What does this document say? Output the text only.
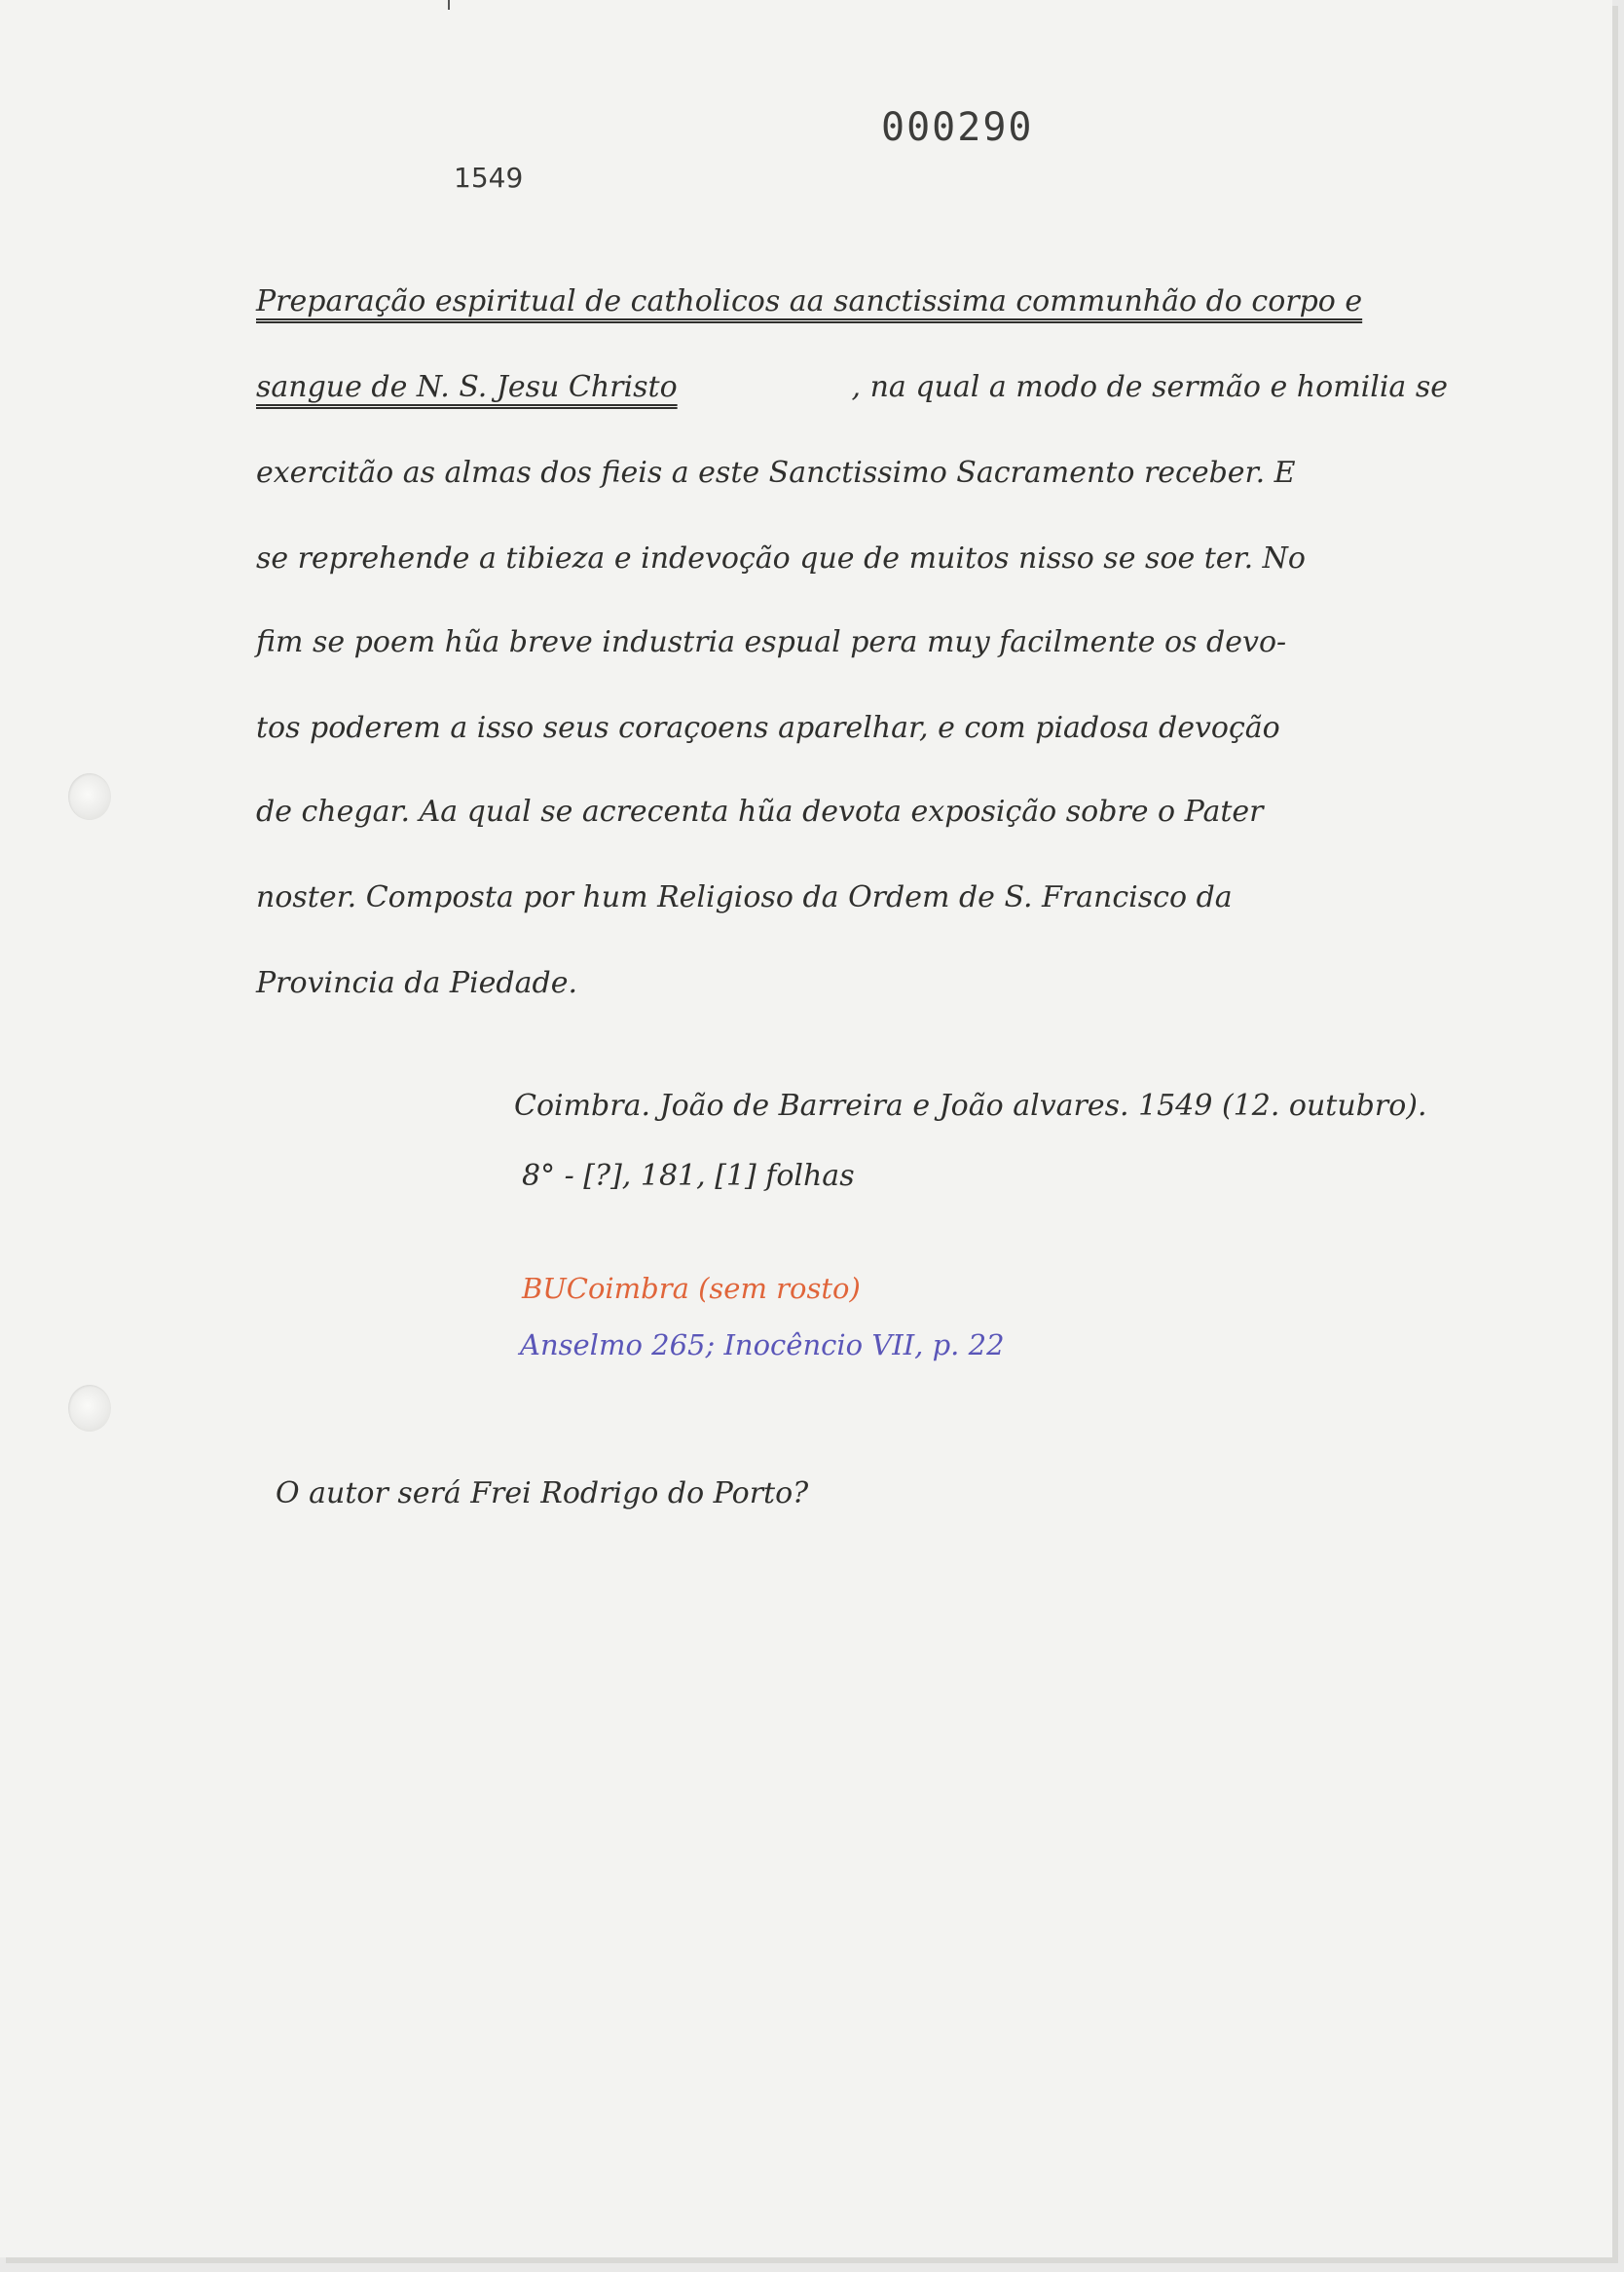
000290
1549
Preparação espiritual de catholicos aa sanctissima communhão do corpo e
sangue de N. S. Jesu Christo	, na qual a modo de sermão e homilia se
exercitão as almas dos fieis a este Sanctissimo Sacramento receber. E
se reprehende a tibieza e indevoção que de muitos nisso se soe ter. No
fim se poem hũa breve industria espual pera muy facilmente os devo-
tos poderem a isso seus coraçoens aparelhar, e com piadosa devoção
de chegar. Aa qual se acrecenta hũa devota exposição sobre o Pater
noster. Composta por hum Religioso da Ordem de S. Francisco da
Provincia da Piedade.
Coimbra. João de Barreira e João alvares. 1549 (12. outubro).
8° - [?], 181, [1] folhas
BUCoimbra (sem rosto)
Anselmo 265; Inocêncio VII, p. 22
O autor será Frei Rodrigo do Porto?
